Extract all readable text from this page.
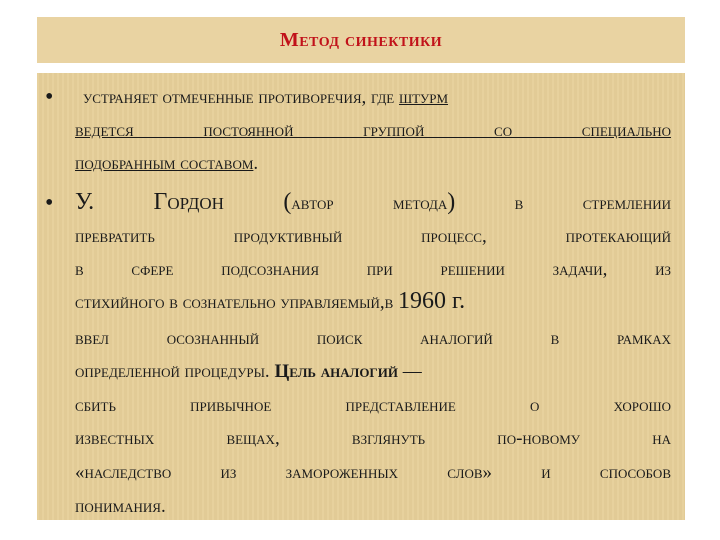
Метод синектики
• устраняет отмеченные противоречия, где штурм
ведется постоянной группой со специально
подобранным составом.
• У. Гордон (автор метода)	в стремлении
превратить продуктивный процесс, протекающий
в сфере подсознания при решении задачи, из
стихийного в сознательно управляемый,в 1960 г.
ввел осознанный поиск аналогий в рамках
определенной процедуры. Цель аналогий —
сбить привычное представление о хорошо
известных вещах, взглянуть по-новому на
«наследство из замороженных слов» и способов
понимания.
